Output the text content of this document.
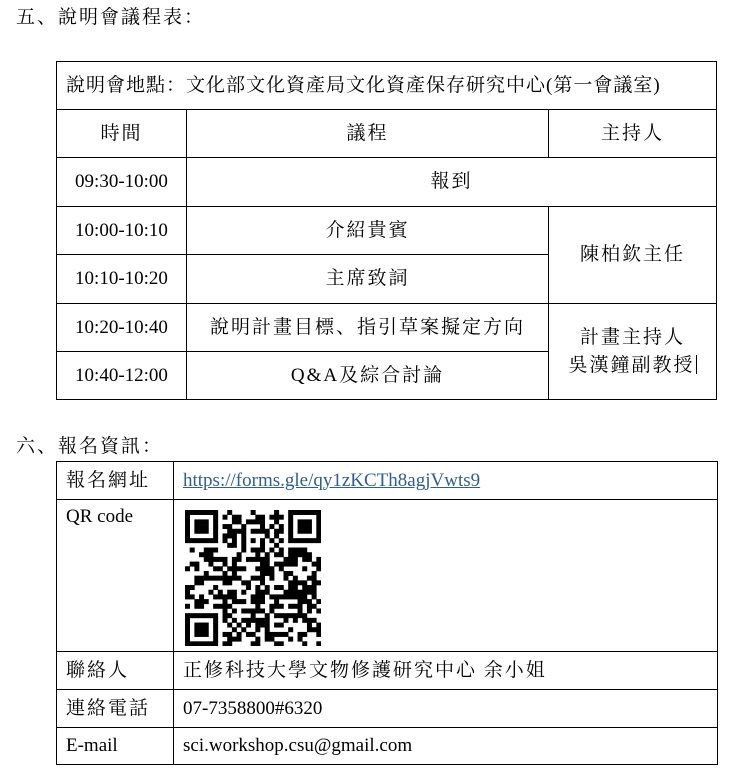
五、說明會議程表：
說明會地點：文化部文化資產局文化資產保存研究中心(第一會議室)		
時間	議程	主持人
09:30-10:00	報到	
10:00-10:10	介紹貴賓	陳柏欽主任
10:10-10:20	主席致詞	
10:20-10:40	說明計畫目標、指引草案擬定方向	計畫主持人
吳漢鐘副教授
10:40-12:00	Q&A及綜合討論	
六、報名資訊：
報名網址	https://forms.gle/qy1zKCTh8agjVwts9
QR code	

聯絡人	正修科技大學文物修護研究中心 余小姐
連絡電話	07-7358800#6320
E-mail	sci.workshop.csu@gmail.com
